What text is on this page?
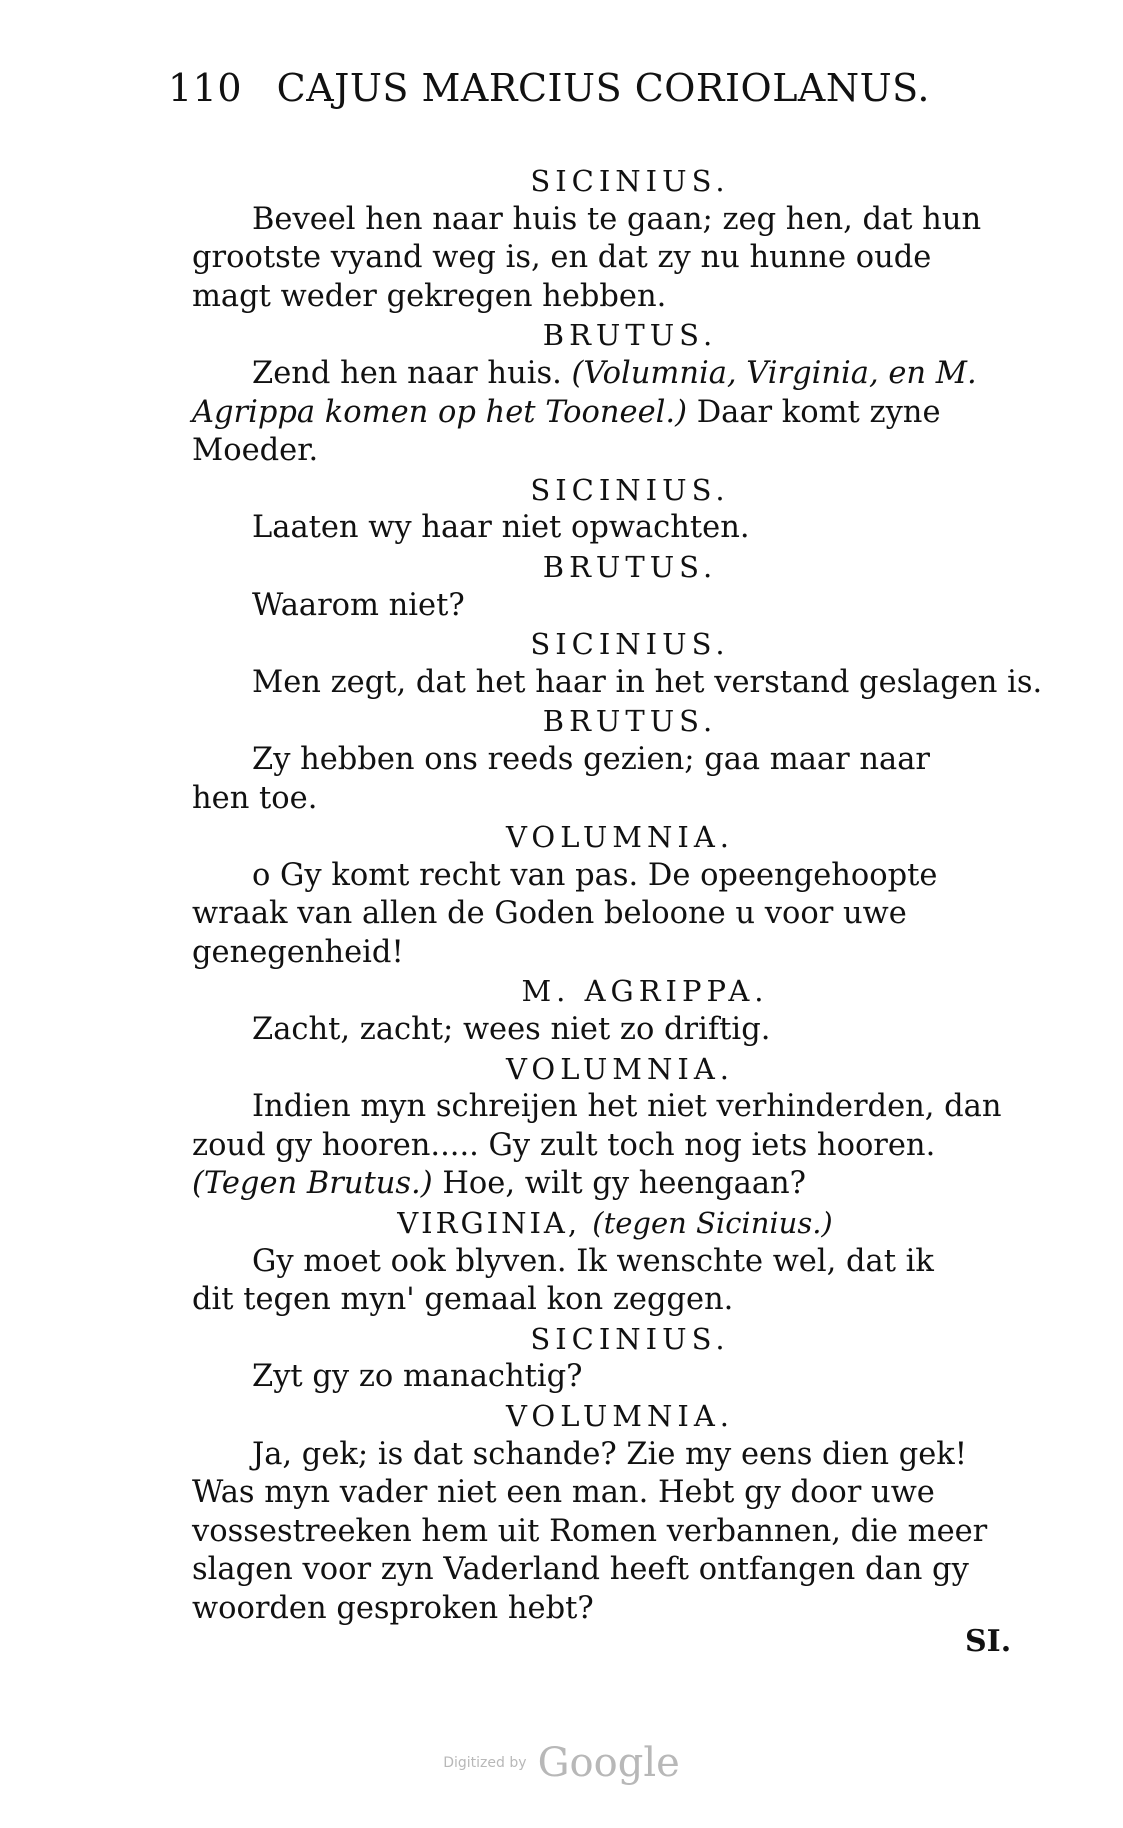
110 CAJUS MARCIUS CORIOLANUS.
SICINIUS.
Beveel hen naar huis te gaan; zeg hen, dat hun
grootste vyand weg is, en dat zy nu hunne oude
magt weder gekregen hebben.
BRUTUS.
Zend hen naar huis. (Volumnia, Virginia, en M.
Agrippa komen op het Tooneel.) Daar komt zyne
Moeder.
SICINIUS.
Laaten wy haar niet opwachten.
BRUTUS.
Waarom niet?
SICINIUS.
Men zegt, dat het haar in het verstand geslagen is.
BRUTUS.
Zy hebben ons reeds gezien; gaa maar naar
hen toe.
VOLUMNIA.
o Gy komt recht van pas. De opeengehoopte
wraak van allen de Goden beloone u voor uwe
genegenheid!
M. AGRIPPA.
Zacht, zacht; wees niet zo driftig.
VOLUMNIA.
Indien myn schreijen het niet verhinderden, dan
zoud gy hooren..... Gy zult toch nog iets hooren.
(Tegen Brutus.) Hoe, wilt gy heengaan?
VIRGINIA, (tegen Sicinius.)
Gy moet ook blyven. Ik wenschte wel, dat ik
dit tegen myn' gemaal kon zeggen.
SICINIUS.
Zyt gy zo manachtig?
VOLUMNIA.
Ja, gek; is dat schande? Zie my eens dien gek!
Was myn vader niet een man. Hebt gy door uwe
vossestreeken hem uit Romen verbannen, die meer
slagen voor zyn Vaderland heeft ontfangen dan gy
woorden gesproken hebt?
SI.
Digitized by Google
